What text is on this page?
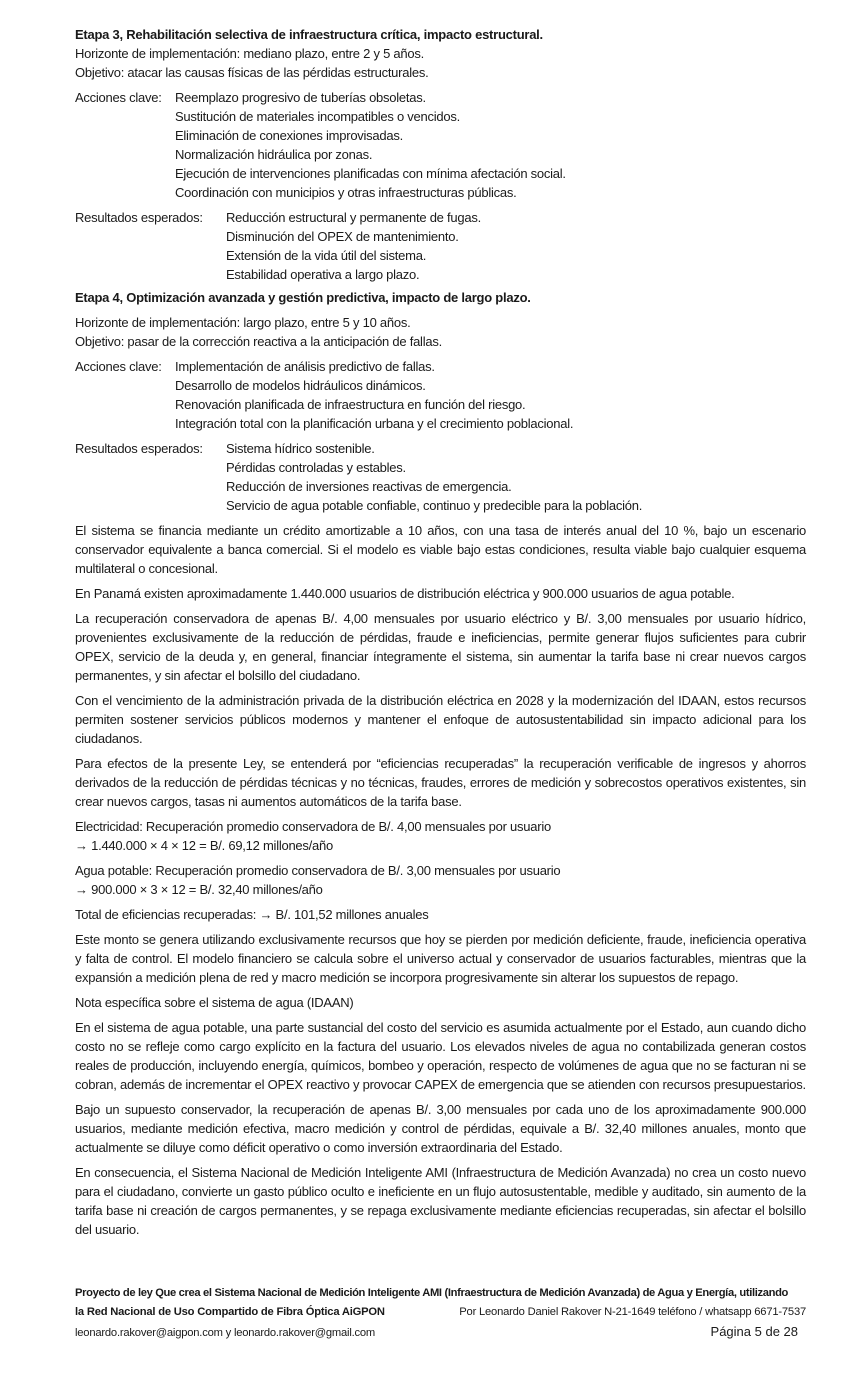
Etapa 3, Rehabilitación selectiva de infraestructura crítica, impacto estructural.
Horizonte de implementación: mediano plazo, entre 2 y 5 años.
Objetivo: atacar las causas físicas de las pérdidas estructurales.
Acciones clave:	Reemplazo progresivo de tuberías obsoletas.
Sustitución de materiales incompatibles o vencidos.
Eliminación de conexiones improvisadas.
Normalización hidráulica por zonas.
Ejecución de intervenciones planificadas con mínima afectación social.
Coordinación con municipios y otras infraestructuras públicas.
Resultados esperados:	Reducción estructural y permanente de fugas.
Disminución del OPEX de mantenimiento.
Extensión de la vida útil del sistema.
Estabilidad operativa a largo plazo.
Etapa 4, Optimización avanzada y gestión predictiva, impacto de largo plazo.
Horizonte de implementación: largo plazo, entre 5 y 10 años.
Objetivo: pasar de la corrección reactiva a la anticipación de fallas.
Acciones clave:	Implementación de análisis predictivo de fallas.
Desarrollo de modelos hidráulicos dinámicos.
Renovación planificada de infraestructura en función del riesgo.
Integración total con la planificación urbana y el crecimiento poblacional.
Resultados esperados:	Sistema hídrico sostenible.
Pérdidas controladas y estables.
Reducción de inversiones reactivas de emergencia.
Servicio de agua potable confiable, continuo y predecible para la población.

El sistema se financia mediante un crédito amortizable a 10 años, con una tasa de interés anual del 10 %, bajo un escenario conservador equivalente a banca comercial. Si el modelo es viable bajo estas condiciones, resulta viable bajo cualquier esquema multilateral o concesional.

En Panamá existen aproximadamente 1.440.000 usuarios de distribución eléctrica y 900.000 usuarios de agua potable.

La recuperación conservadora de apenas B/. 4,00 mensuales por usuario eléctrico y B/. 3,00 mensuales por usuario hídrico, provenientes exclusivamente de la reducción de pérdidas, fraude e ineficiencias, permite generar flujos suficientes para cubrir OPEX, servicio de la deuda y, en general, financiar íntegramente el sistema, sin aumentar la tarifa base ni crear nuevos cargos permanentes, y sin afectar el bolsillo del ciudadano.

Con el vencimiento de la administración privada de la distribución eléctrica en 2028 y la modernización del IDAAN, estos recursos permiten sostener servicios públicos modernos y mantener el enfoque de autosustentabilidad sin impacto adicional para los ciudadanos.

Para efectos de la presente Ley, se entenderá por “eficiencias recuperadas” la recuperación verificable de ingresos y ahorros derivados de la reducción de pérdidas técnicas y no técnicas, fraudes, errores de medición y sobrecostos operativos existentes, sin crear nuevos cargos, tasas ni aumentos automáticos de la tarifa base.

Electricidad: Recuperación promedio conservadora de B/. 4,00 mensuales por usuario
→ 1.440.000 × 4 × 12 = B/. 69,12 millones/año
Agua potable: Recuperación promedio conservadora de B/. 3,00 mensuales por usuario
→ 900.000 × 3 × 12 = B/. 32,40 millones/año
Total de eficiencias recuperadas: → B/. 101,52 millones anuales

Este monto se genera utilizando exclusivamente recursos que hoy se pierden por medición deficiente, fraude, ineficiencia operativa y falta de control. El modelo financiero se calcula sobre el universo actual y conservador de usuarios facturables, mientras que la expansión a medición plena de red y macro medición se incorpora progresivamente sin alterar los supuestos de repago.

Nota específica sobre el sistema de agua (IDAAN)

En el sistema de agua potable, una parte sustancial del costo del servicio es asumida actualmente por el Estado, aun cuando dicho costo no se refleje como cargo explícito en la factura del usuario. Los elevados niveles de agua no contabilizada generan costos reales de producción, incluyendo energía, químicos, bombeo y operación, respecto de volúmenes de agua que no se facturan ni se cobran, además de incrementar el OPEX reactivo y provocar CAPEX de emergencia que se atienden con recursos presupuestarios.

Bajo un supuesto conservador, la recuperación de apenas B/. 3,00 mensuales por cada uno de los aproximadamente 900.000 usuarios, mediante medición efectiva, macro medición y control de pérdidas, equivale a B/. 32,40 millones anuales, monto que actualmente se diluye como déficit operativo o como inversión extraordinaria del Estado.

En consecuencia, el Sistema Nacional de Medición Inteligente AMI (Infraestructura de Medición Avanzada) no crea un costo nuevo para el ciudadano, convierte un gasto público oculto e ineficiente en un flujo autosustentable, medible y auditado, sin aumento de la tarifa base ni creación de cargos permanentes, y se repaga exclusivamente mediante eficiencias recuperadas, sin afectar el bolsillo del usuario.

Proyecto de ley Que crea el Sistema Nacional de Medición Inteligente AMI (Infraestructura de Medición Avanzada) de Agua y Energía, utilizando
la Red Nacional de Uso Compartido de Fibra Óptica AiGPON	Por Leonardo Daniel Rakover N-21-1649 teléfono / whatsapp 6671-7537
leonardo.rakover@aigpon.com y leonardo.rakover@gmail.com	Página 5 de 28
